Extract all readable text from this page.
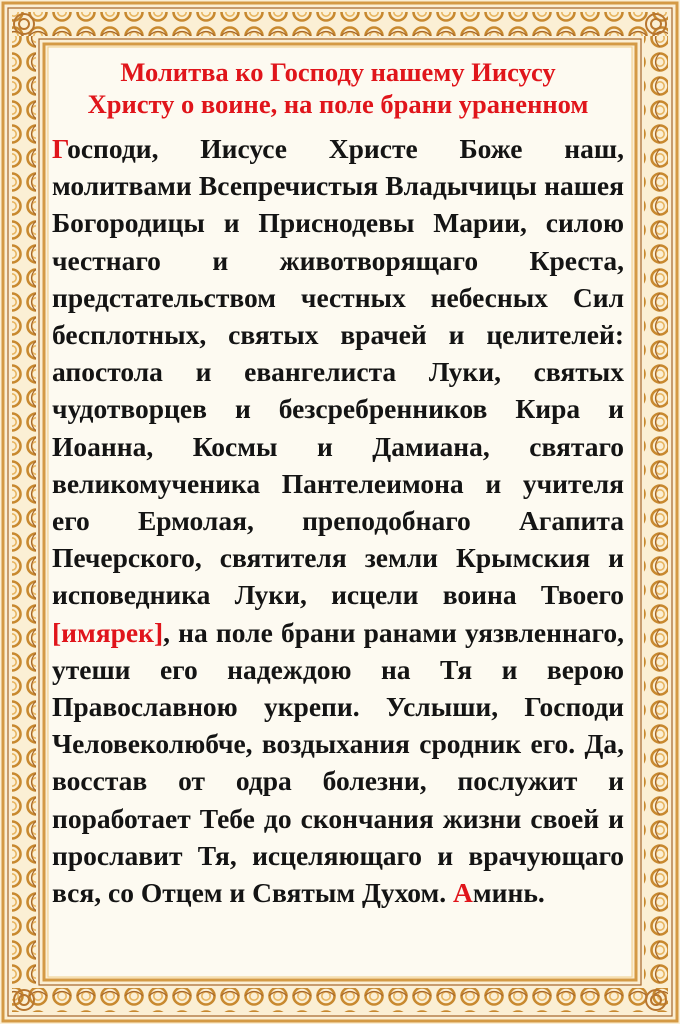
Молитва ко Господу нашему Иисусу
Христу о воине, на поле брани ураненном

Господи, Иисусе Христе Боже наш, молитвами Всепречистыя Владычицы нашея Богородицы и Приснодевы Марии, силою честнаго и животворящаго Креста, предстательством честных небесных Сил бесплотных, святых врачей и целителей: апостола и евангелиста Луки, святых чудотворцев и безсребренников Кира и Иоанна, Космы и Дамиана, святаго великомученика Пантелеимона и учителя его Ермолая, преподобнаго Агапита Печерского, святителя земли Крымския и исповедника Луки, исцели воина Твоего [имярек], на поле брани ранами уязвленнаго, утеши его надеждою на Тя и верою Православною укрепи. Услыши, Господи Человеколюбче, воздыхания сродник его. Да, восстав от одра болезни, послужит и поработает Тебе до скончания жизни своей и прославит Тя, исцеляющаго и врачующаго вся, со Отцем и Святым Духом. Аминь.
